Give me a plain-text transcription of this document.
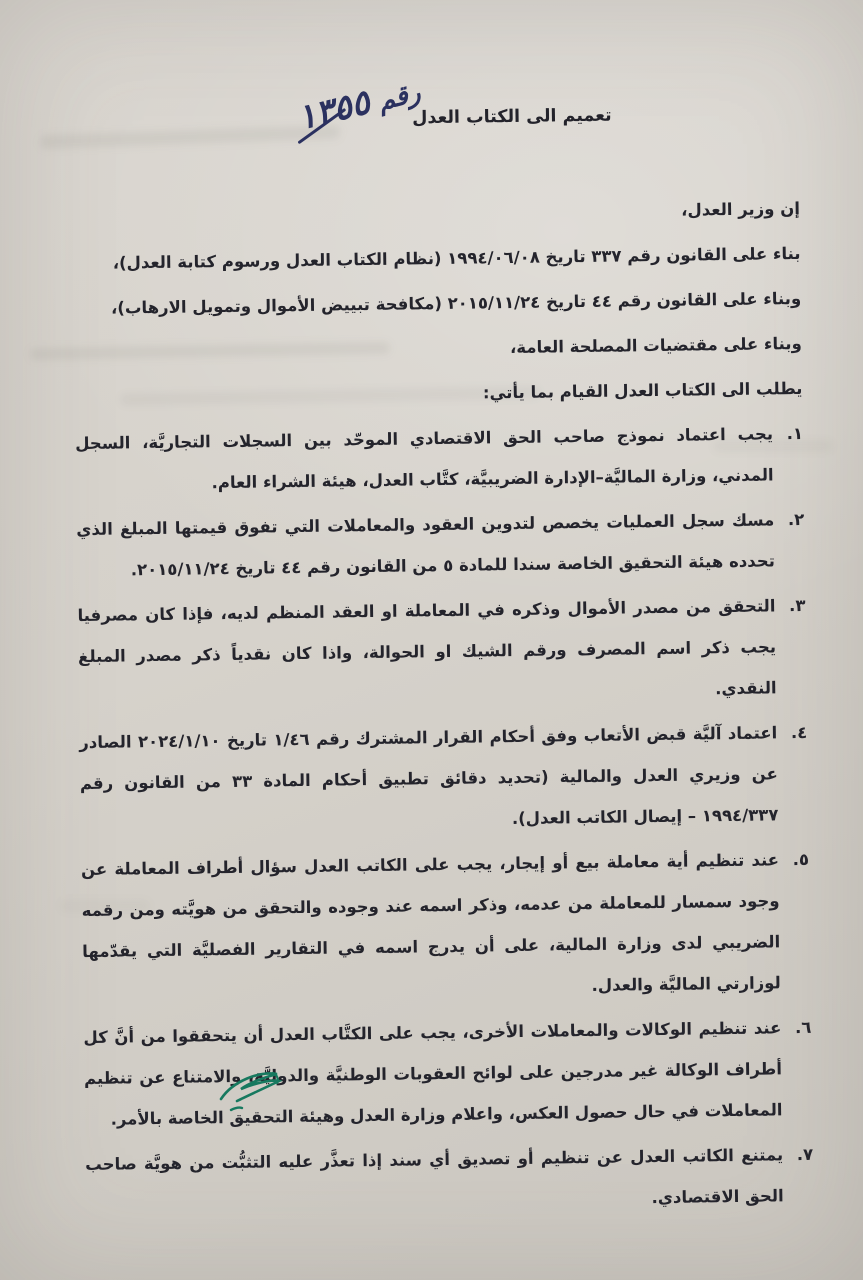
تعميم الى الكتاب العدل
رقم ١٣٥٥

إن وزير العدل،

بناء على القانون رقم ٣٣٧ تاريخ ١٩٩٤/٠٦/٠٨ (نظام الكتاب العدل ورسوم كتابة العدل)،

وبناء على القانون رقم ٤٤ تاريخ ٢٠١٥/١١/٢٤ (مكافحة تبييض الأموال وتمويل الارهاب)،

وبناء على مقتضيات المصلحة العامة،

يطلب الى الكتاب العدل القيام بما يأتي:

١.
يجب اعتماد نموذج صاحب الحق الاقتصادي الموحّد بين السجلات التجاريَّة، السجل المدني، وزارة الماليَّة–الإدارة الضريبيَّة، كتَّاب العدل، هيئة الشراء العام.
٢.
مسك سجل العمليات يخصص لتدوين العقود والمعاملات التي تفوق قيمتها المبلغ الذي تحدده هيئة التحقيق الخاصة سندا للمادة ٥ من القانون رقم ٤٤ تاريخ ٢٠١٥/١١/٢٤.
٣.
التحقق من مصدر الأموال وذكره في المعاملة او العقد المنظم لديه، فإذا كان مصرفيا يجب ذكر اسم المصرف ورقم الشيك او الحوالة، واذا كان نقدياً ذكر مصدر المبلغ النقدي.
٤.
اعتماد آليَّة قبض الأتعاب وفق أحكام القرار المشترك رقم ١/٤٦ تاريخ ٢٠٢٤/١/١٠ الصادر عن وزيري العدل والمالية (تحديد دقائق تطبيق أحكام المادة ٣٣ من القانون رقم ١٩٩٤/٣٣٧ – إيصال الكاتب العدل).
٥.
عند تنظيم أية معاملة بيع أو إيجار، يجب على الكاتب العدل سؤال أطراف المعاملة عن وجود سمسار للمعاملة من عدمه، وذكر اسمه عند وجوده والتحقق من هويَّته ومن رقمه الضريبي لدى وزارة المالية، على أن يدرج اسمه في التقارير الفصليَّة التي يقدّمها لوزارتي الماليَّة والعدل.
٦.
عند تنظيم الوكالات والمعاملات الأخرى، يجب على الكتَّاب العدل أن يتحققوا من أنَّ كل أطراف الوكالة غير مدرجين على لوائح العقوبات الوطنيَّة والدوليَّة، والامتناع عن تنظيم المعاملات في حال حصول العكس، واعلام وزارة العدل وهيئة التحقيق الخاصة بالأمر.
٧.
يمتنع الكاتب العدل عن تنظيم أو تصديق أي سند إذا تعذَّر عليه التثبُّت من هويَّة صاحب الحق الاقتصادي.
